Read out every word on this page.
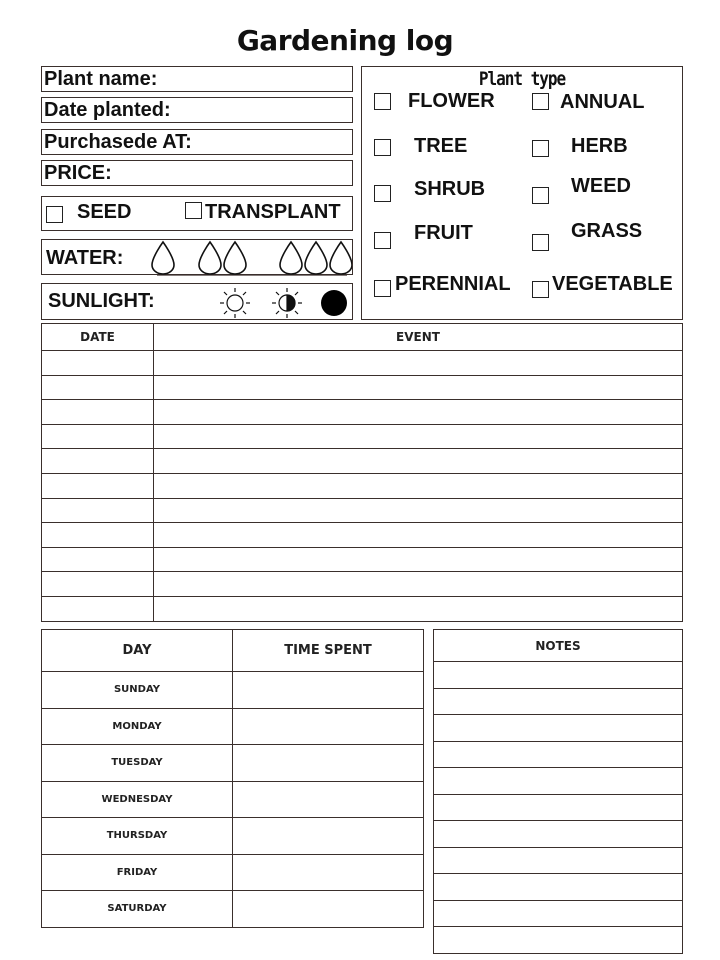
Gardening log
Plant name:
Date planted:
Purchasede AT:
PRICE:
SEED	TRANSPLANT
WATER:
SUNLIGHT:
Plant type
FLOWER	ANNUAL
TREE	HERB
SHRUB	WEED
FRUIT	GRASS
PERENNIAL VEGETABLE
DATE	EVENT

DAY	TIME SPENT
SUNDAY	
MONDAY	
TUESDAY	
WEDNESDAY	
THURSDAY	
FRIDAY	
SATURDAY	
NOTES
